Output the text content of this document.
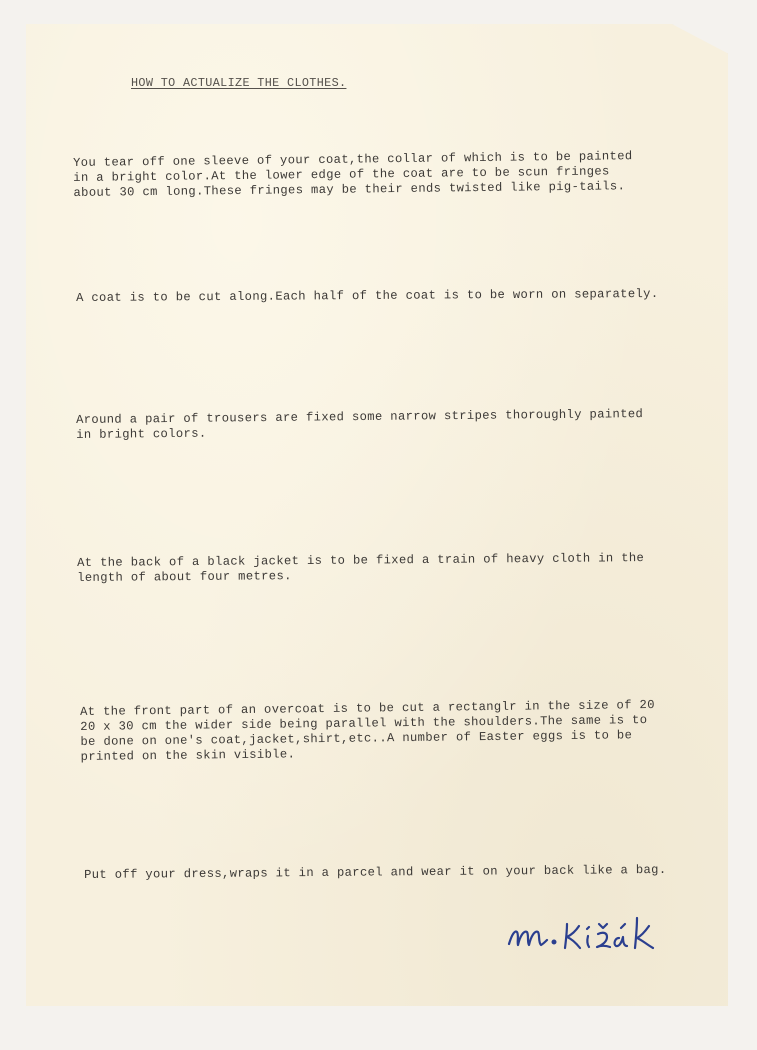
HOW TO ACTUALIZE THE CLOTHES.

You tear off one sleeve of your coat,the collar of which is to be painted
in a bright color.At the lower edge of the coat are to be scun fringes
about 30 cm long.These fringes may be their ends twisted like pig-tails.

A coat is to be cut along.Each half of the coat is to be worn on separately.

Around a pair of trousers are fixed some narrow stripes thoroughly painted
in bright colors.

At the back of a black jacket is to be fixed a train of heavy cloth in the
length of about four metres.

At the front part of an overcoat is to be cut a rectanglr in the size of 20
20 x 30 cm the wider side being parallel with the shoulders.The same is to
be done on one's coat,jacket,shirt,etc..A number of Easter eggs is to be
printed on the skin visible.

Put off your dress,wraps it in a parcel and wear it on your back like a bag.
